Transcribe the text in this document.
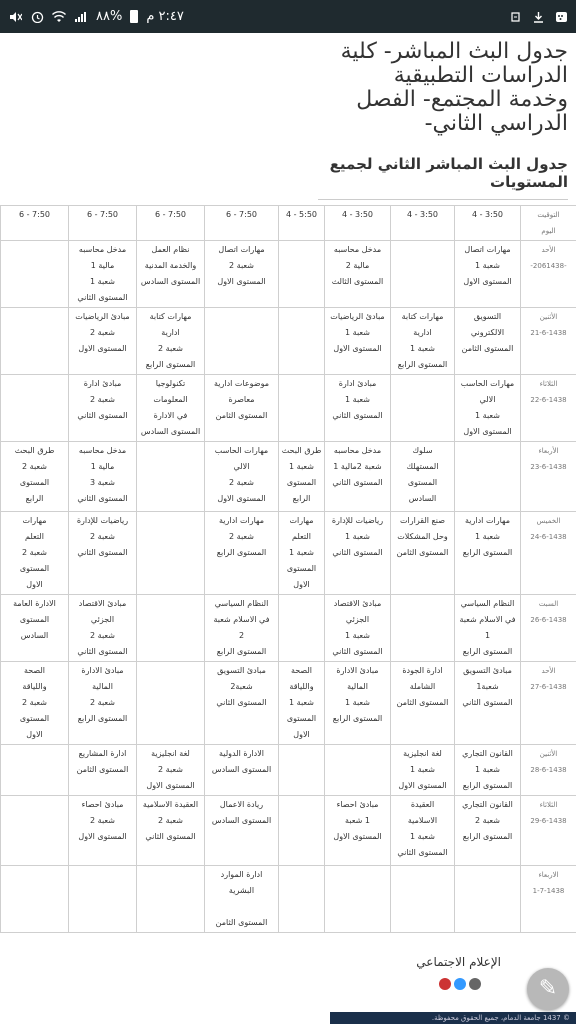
٢:٤٧ م
%٨٨
جدول البث المباشر- كلية الدراسات التطبيقية وخدمة المجتمع- الفصل الدراسي الثاني-
جدول البث المباشر الثاني لجميع المستويات
التوقيت
اليوم	3:50 - 4	3:50 - 4	3:50 - 4	5:50 - 4	7:50 - 6	7:50 - 6	7:50 - 6	7:50 - 6
الأحد
-2061438-	مهارات اتصال
شعبة 1
المستوى الاول		مدخل محاسبه
مالية 2
المستوى الثالث		مهارات اتصال
شعبة 2
المستوى الاول	نظام العمل
والخدمة المدنية
المستوى السادس	مدخل محاسبه
مالية 1
شعبة 1
المستوى الثاني	
الأثنين
21-6-1438	التسويق
الالكتروني
المستوى الثامن	مهارات كتابة
ادارية
شعبة 1
المستوى الرابع	مبادئ الرياضيات
شعبة 1
المستوى الاول			مهارات كتابة
ادارية
شعبة 2
المستوى الرابع	مبادئ الرياضيات
شعبة 2
المستوى الاول	
الثلاثاء
22-6-1438	مهارات الحاسب
الالي
شعبة 1
المستوى الاول		مبادئ ادارة
شعبة 1
المستوى الثاني		موضوعات ادارية
معاصرة
المستوى الثامن	تكنولوجيا
المعلومات
في الادارة
المستوى السادس	مبادئ ادارة
شعبة 2
المستوى الثاني	
الأربعاء
23-6-1438		سلوك
المستهلك
المستوى
السادس	مدخل محاسبه
شعبة 2مالية 1
المستوى الثاني	طرق البحث
شعبة 1
المستوى
الرابع	مهارات الحاسب
الالي
شعبة 2
المستوى الاول		مدخل محاسبه
مالية 1
شعبة 3
المستوى الثاني	طرق البحث
شعبة 2
المستوى
الرابع
الخميس
24-6-1438	مهارات ادارية
شعبة 1
المستوى الرابع	صنع القرارات
وحل المشكلات
المستوى الثامن	رياضيات للإدارة
شعبة 1
المستوى الثاني	مهارات
التعلم
شعبة 1
المستوى
الاول	مهارات ادارية
شعبة 2
المستوى الرابع		رياضيات للإدارة
شعبة 2
المستوى الثاني	مهارات
التعلم
شعبة 2
المستوى
الاول
السبت
26-6-1438	النظام السياسي
في الاسلام شعبة
1
المستوى الرابع		مبادئ الاقتصاد
الجزئي
شعبة 1
المستوى الثاني		النظام السياسي
في الاسلام شعبة
2
المستوى الرابع		مبادئ الاقتصاد
الجزئي
شعبة 2
المستوى الثاني	الادارة العامة
المستوى
السادس
الأحد
27-6-1438	مبادئ التسويق
شعبة1
المستوى الثاني	ادارة الجودة
الشاملة
المستوى الثامن	مبادئ الادارة
المالية
شعبة 1
المستوى الرابع	الصحة
واللياقة
شعبة 1
المستوى
الاول	مبادئ التسويق
شعبة2
المستوى الثاني		مبادئ الادارة
المالية
شعبة 2
المستوى الرابع	الصحة
واللياقة
شعبة 2
المستوى
الاول
الأثنين
28-6-1438	القانون التجاري
شعبة 1
المستوى الرابع	لغة انجليزية
شعبة 1
المستوى الاول			الادارة الدولية
المستوى السادس	لغة انجليزية
شعبة 2
المستوى الاول	ادارة المشاريع
المستوى الثامن	
الثلاثاء
29-6-1438	القانون التجاري
شعبة 2
المستوى الرابع	العقيدة
الاسلامية
شعبة 1
المستوى الثاني	مبادئ احصاء
1 شعبة
المستوى الاول		ريادة الاعمال
المستوى السادس	العقيدة الاسلامية
شعبة 2
المستوى الثاني	مبادئ احصاء
شعبة 2
المستوى الاول	
الاربعاء
1-7-1438					ادارة الموارد
البشرية

المستوى الثامن			
الإعلام الاجتماعي
✎
© 1437 جامعة الدمام، جميع الحقوق محفوظة.
